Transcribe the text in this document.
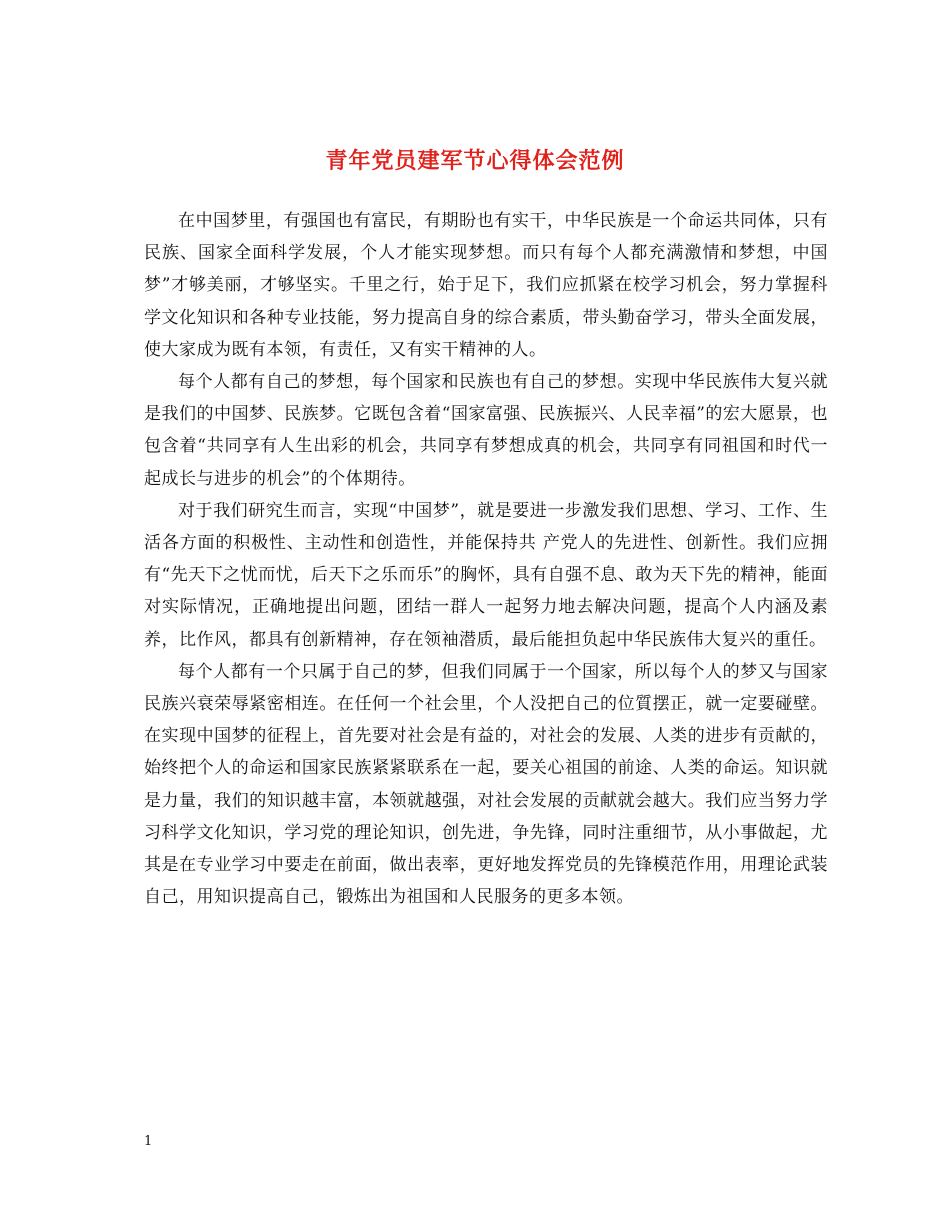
青年党员建军节心得体会范例

在中国梦里，有强国也有富民，有期盼也有实干，中华民族是一个命运共同体，只有民族、国家全面科学发展，个人才能实现梦想。而只有每个人都充满激情和梦想，中国梦”才够美丽，才够坚实。千里之行，始于足下，我们应抓紧在校学习机会，努力掌握科学文化知识和各种专业技能，努力提高自身的综合素质，带头勤奋学习，带头全面发展，使大家成为既有本领，有责任，又有实干精神的人。

每个人都有自己的梦想，每个国家和民族也有自己的梦想。实现中华民族伟大复兴就是我们的中国梦、民族梦。它既包含着“国家富强、民族振兴、人民幸福”的宏大愿景，也包含着“共同享有人生出彩的机会，共同享有梦想成真的机会，共同享有同祖国和时代一起成长与进步的机会”的个体期待。

对于我们研究生而言，实现“中国梦”，就是要进一步激发我们思想、学习、工作、生活各方面的积极性、主动性和创造性，并能保持共 产党人的先进性、创新性。我们应拥有“先天下之忧而忧，后天下之乐而乐”的胸怀，具有自强不息、敢为天下先的精神，能面对实际情况，正确地提出问题，团结一群人一起努力地去解决问题，提高个人内涵及素养，比作风，都具有创新精神，存在领袖潜质，最后能担负起中华民族伟大复兴的重任。

每个人都有一个只属于自己的梦，但我们同属于一个国家，所以每个人的梦又与国家民族兴衰荣辱紧密相连。在任何一个社会里，个人没把自己的位質摆正，就一定要碰壁。在实现中国梦的征程上，首先要对社会是有益的，对社会的发展、人类的进步有贡献的，始终把个人的命运和国家民族紧紧联系在一起，要关心祖国的前途、人类的命运。知识就是力量，我们的知识越丰富，本领就越强，对社会发展的贡献就会越大。我们应当努力学习科学文化知识，学习党的理论知识，创先进，争先锋，同时注重细节，从小事做起，尤其是在专业学习中要走在前面，做出表率，更好地发挥党员的先锋模范作用，用理论武装自己，用知识提高自己，锻炼出为祖国和人民服务的更多本领。

1
